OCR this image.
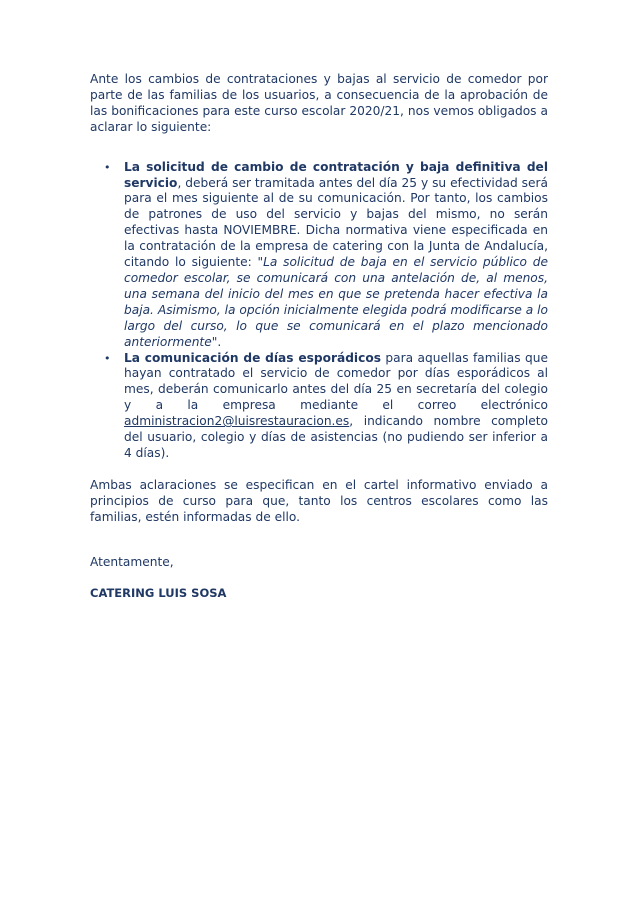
Ante los cambios de contrataciones y bajas al servicio de comedor por parte de las familias de los usuarios, a consecuencia de la aprobación de las bonificaciones para este curso escolar 2020/21, nos vemos obligados a aclarar lo siguiente:

• La solicitud de cambio de contratación y baja definitiva del servicio, deberá ser tramitada antes del día 25 y su efectividad será para el mes siguiente al de su comunicación. Por tanto, los cambios de patrones de uso del servicio y bajas del mismo, no serán efectivas hasta NOVIEMBRE. Dicha normativa viene especificada en la contratación de la empresa de catering con la Junta de Andalucía, citando lo siguiente: "La solicitud de baja en el servicio público de comedor escolar, se comunicará con una antelación de, al menos, una semana del inicio del mes en que se pretenda hacer efectiva la baja. Asimismo, la opción inicialmente elegida podrá modificarse a lo largo del curso, lo que se comunicará en el plazo mencionado anteriormente".
• La comunicación de días esporádicos para aquellas familias que hayan contratado el servicio de comedor por días esporádicos al mes, deberán comunicarlo antes del día 25 en secretaría del colegio y a la empresa mediante el correo electrónico administracion2@luisrestauracion.es, indicando nombre completo del usuario, colegio y días de asistencias (no pudiendo ser inferior a 4 días).

Ambas aclaraciones se especifican en el cartel informativo enviado a principios de curso para que, tanto los centros escolares como las familias, estén informadas de ello.

Atentamente,

CATERING LUIS SOSA
